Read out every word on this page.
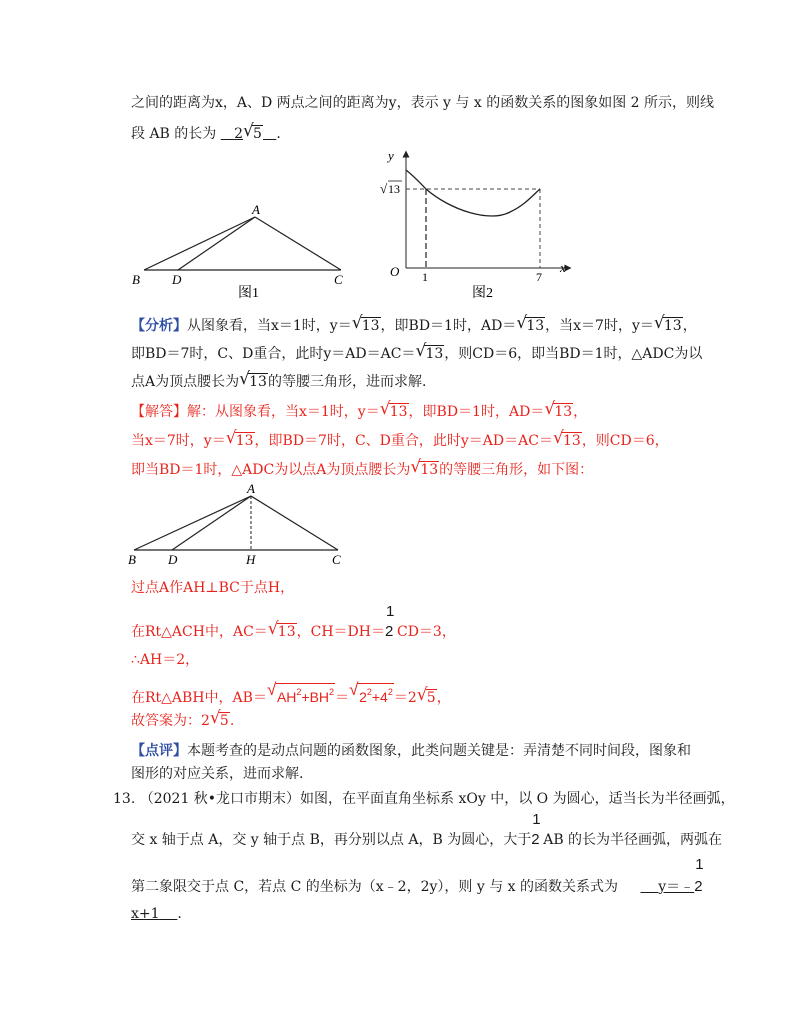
之间的距离为x，A、D 两点之间的距离为y，表示 y 与 x 的函数关系的图象如图 2 所示，则线
段 AB 的长为 2 √ 5 .
A
B D	C
图1
y
x
O
√ 13
1	7
图2
【分析】从图象看，当x＝1时，y＝ √ 13，即BD＝1时，AD＝ √ 13，当x＝7时，y＝ √ 13，
即BD＝7时，C、D重合，此时y＝AD＝AC＝ √ 13，则CD＝6，即当BD＝1时，△ADC为以
点A为顶点腰长为 √ 13的等腰三角形，进而求解.
【解答】解：从图象看，当x＝1时，y＝ √ 13，即BD＝1时，AD＝ √ 13，
当x＝7时，y＝ √ 13，即BD＝7时，C、D重合，此时y＝AD＝AC＝ √ 13，则CD＝6，
即当BD＝1时，△ADC为以点A为顶点腰长为 √ 13的等腰三角形，如下图：
A
B D	H	C
过点A作AH⊥BC于点H，
在Rt△ACH中，AC＝ √ 13，CH＝DH＝
1
2 CD＝3，
∴AH＝2，
在Rt△ABH中，AB＝ √ $AH^2+BH^2=$ √ $2^2+4^2=2$ √ 5，
故答案为：2 √ 5.
【点评】本题考查的是动点问题的函数图象，此类问题关键是：弄清楚不同时间段，图象和
图形的对应关系，进而求解.
13. （2021 秋•龙口市期末）如图，在平面直角坐标系 xOy 中，以 O 为圆心，适当长为半径画弧，
交 x 轴于点 A，交 y 轴于点 B，再分别以点 A，B 为圆心，大于
1
2 AB 的长为半径画弧，两弧在
第二象限交于点 C，若点 C 的坐标为（x﹣2，2y），则 y 与 x 的函数关系式为	y＝﹣
1
2
x+1 .
